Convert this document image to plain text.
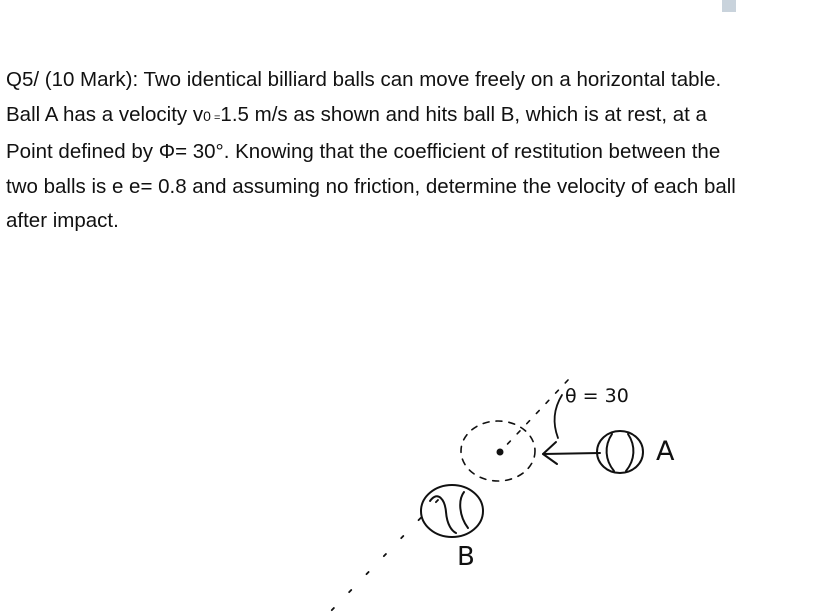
Q5/ (10 Mark): Two identical billiard balls can move freely on a horizontal table.

Ball A has a velocity v0 =1.5 m/s as shown and hits ball B, which is at rest, at a

Point defined by Φ= 30°. Knowing that the coefficient of restitution between the

two balls is e e= 0.8 and assuming no friction, determine the velocity of each ball

after impact.

θ = 30
A
B
